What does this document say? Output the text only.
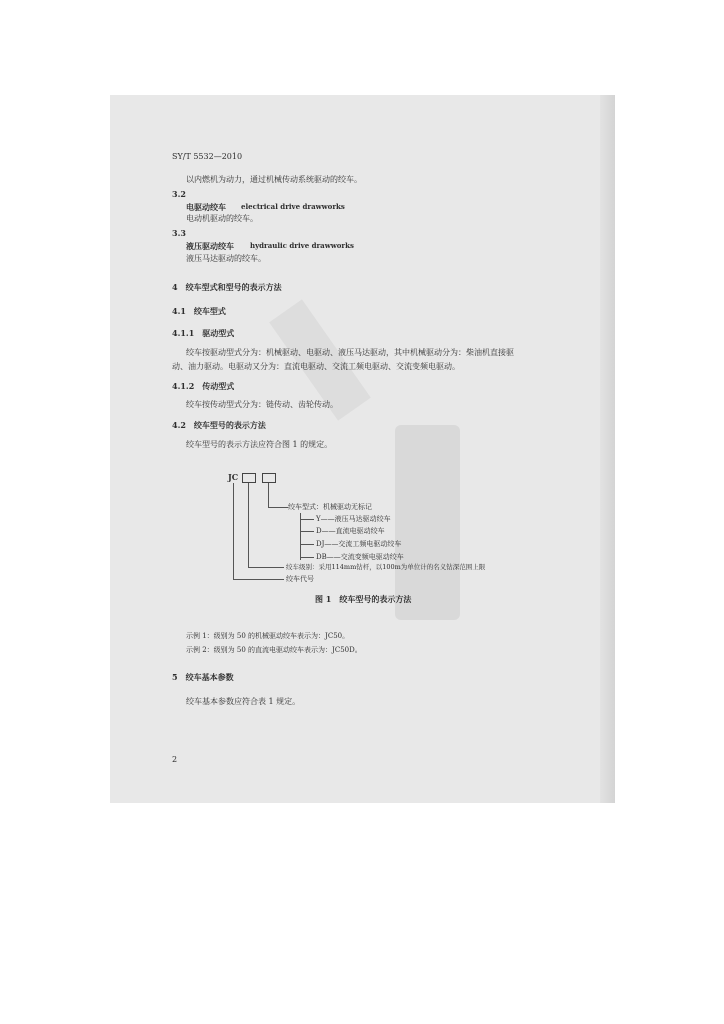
SY/T 5532—2010
以内燃机为动力，通过机械传动系统驱动的绞车。
3.2
电驱动绞车 electrical drive drawworks
电动机驱动的绞车。
3.3
液压驱动绞车 hydraulic drive drawworks
液压马达驱动的绞车。
4　绞车型式和型号的表示方法
4.1　绞车型式
4.1.1　驱动型式
绞车按驱动型式分为：机械驱动、电驱动、液压马达驱动，其中机械驱动分为：柴油机直接驱
动、油力驱动。电驱动又分为：直流电驱动、交流工频电驱动、交流变频电驱动。
4.1.2　传动型式
绞车按传动型式分为：链传动、齿轮传动。
4.2　绞车型号的表示方法
绞车型号的表示方法应符合图 1 的规定。
JC
绞车型式：机械驱动无标记
Y——液压马达驱动绞车
D——直流电驱动绞车
DJ——交流工频电驱动绞车
DB——交流变频电驱动绞车
绞车级别：采用114mm钻杆，以100m为单位计的名义钻深范围上限
绞车代号
图 1　绞车型号的表示方法
示例 1：级别为 50 的机械驱动绞车表示为：JC50。
示例 2：级别为 50 的直流电驱动绞车表示为：JC50D。
5　绞车基本参数
绞车基本参数应符合表 1 规定。
2
